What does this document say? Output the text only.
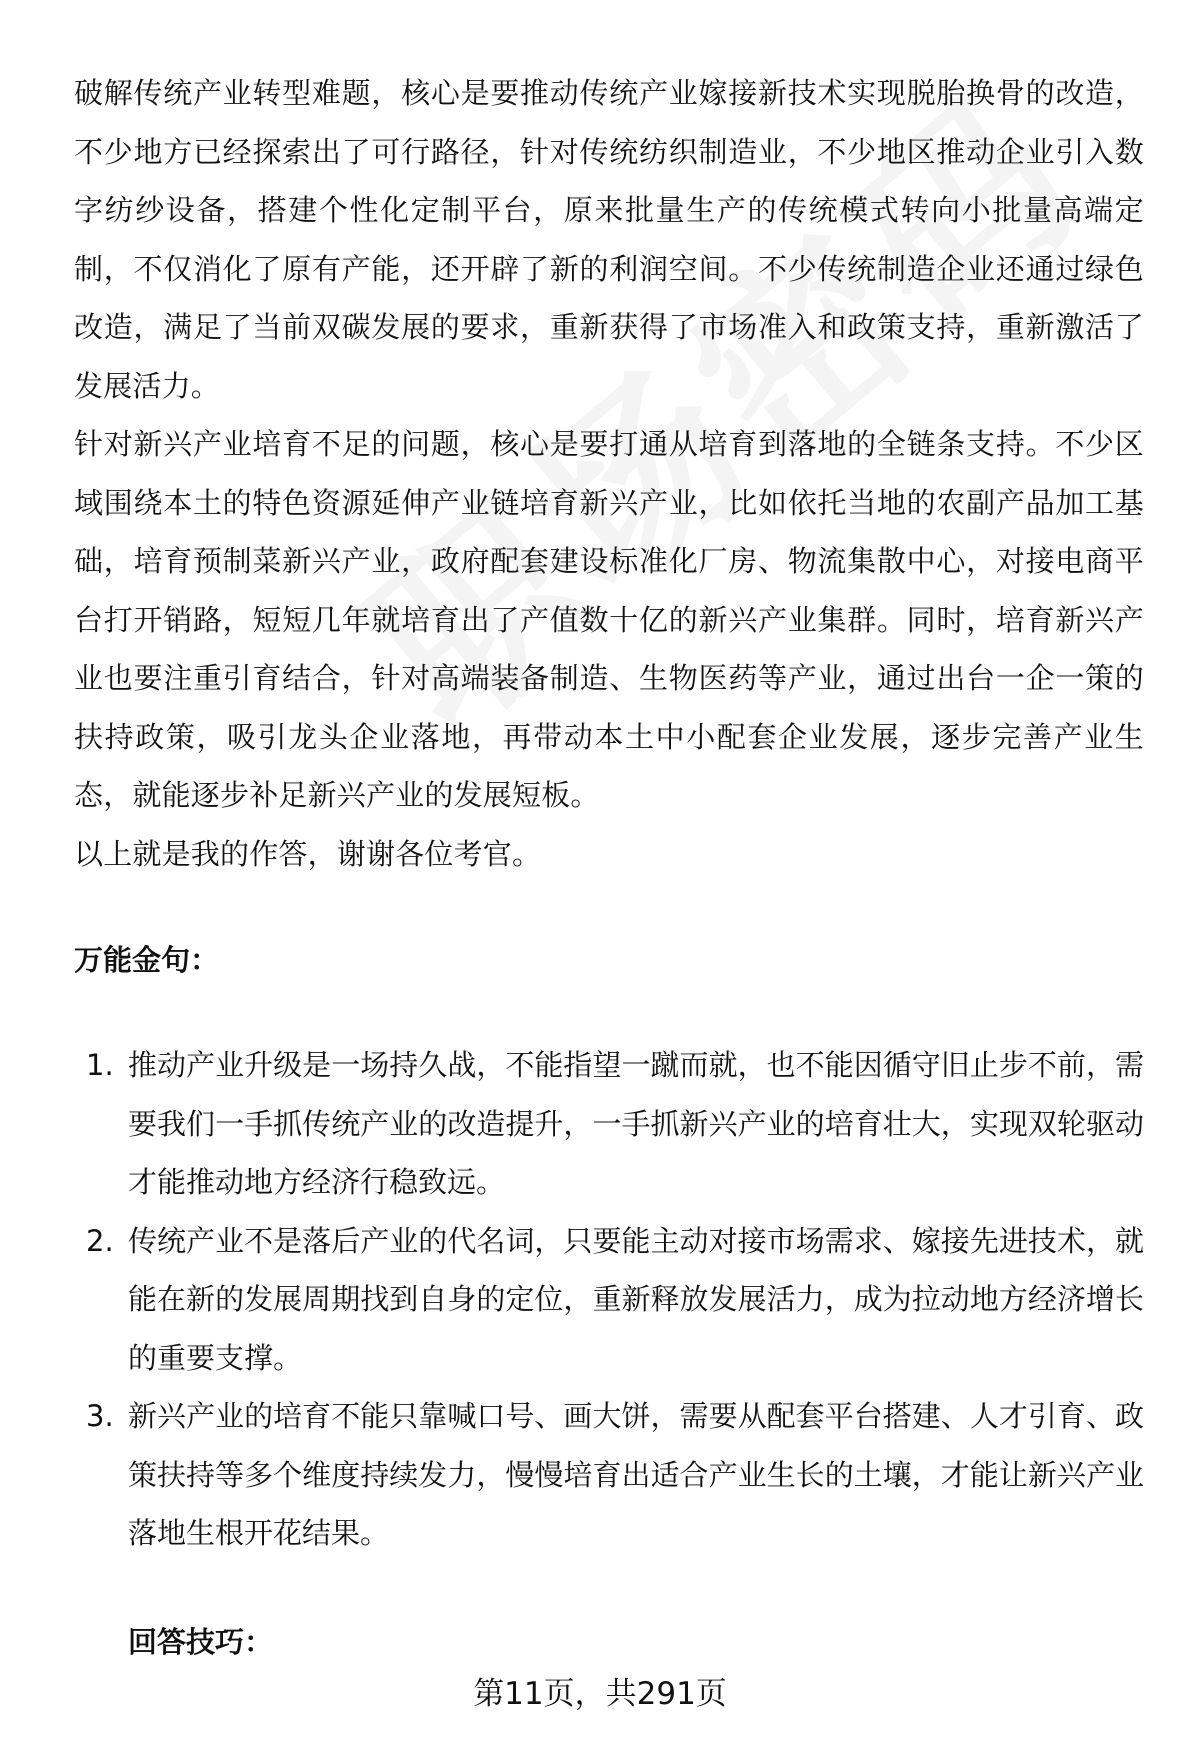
破解传统产业转型难题，核心是要推动传统产业嫁接新技术实现脱胎换骨的改造，不少地方已经探索出了可行路径，针对传统纺织制造业，不少地区推动企业引入数字纺纱设备，搭建个性化定制平台，原来批量生产的传统模式转向小批量高端定制，不仅消化了原有产能，还开辟了新的利润空间。不少传统制造企业还通过绿色改造，满足了当前双碳发展的要求，重新获得了市场准入和政策支持，重新激活了发展活力。

针对新兴产业培育不足的问题，核心是要打通从培育到落地的全链条支持。不少区域围绕本土的特色资源延伸产业链培育新兴产业，比如依托当地的农副产品加工基础，培育预制菜新兴产业，政府配套建设标准化厂房、物流集散中心，对接电商平台打开销路，短短几年就培育出了产值数十亿的新兴产业集群。同时，培育新兴产业也要注重引育结合，针对高端装备制造、生物医药等产业，通过出台一企一策的扶持政策，吸引龙头企业落地，再带动本土中小配套企业发展，逐步完善产业生态，就能逐步补足新兴产业的发展短板。

以上就是我的作答，谢谢各位考官。

万能金句：
1. 推动产业升级是一场持久战，不能指望一蹴而就，也不能因循守旧止步不前，需要我们一手抓传统产业的改造提升，一手抓新兴产业的培育壮大，实现双轮驱动才能推动地方经济行稳致远。
2. 传统产业不是落后产业的代名词，只要能主动对接市场需求、嫁接先进技术，就能在新的发展周期找到自身的定位，重新释放发展活力，成为拉动地方经济增长的重要支撑。
3. 新兴产业的培育不能只靠喊口号、画大饼，需要从配套平台搭建、人才引育、政策扶持等多个维度持续发力，慢慢培育出适合产业生长的土壤，才能让新兴产业落地生根开花结果。
回答技巧：
第11页，共291页
